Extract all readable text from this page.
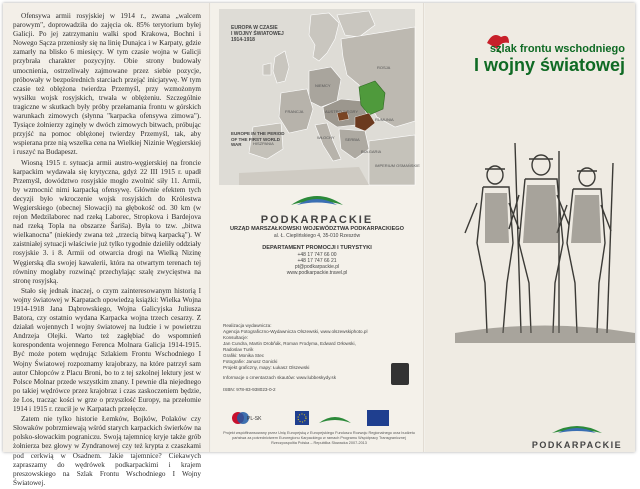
Ofensywa armii rosyjskiej w 1914 r., zwana „walcem parowym", doprowadziła do zajęcia ok. 85% terytorium byłej Galicji. Po jej zatrzymaniu walki spod Krakowa, Bochni i Nowego Sącza przeniosły się na linię Dunajca i w Karpaty, gdzie zamarły na blisko 6 miesięcy. W tym czasie wojna w Galicji przybrała charakter pozycyjny. Obie strony budowały umocnienia, ostrzeliwały zajmowane przez siebie pozycje, próbowały w bezpośrednich starciach przejąć inicjatywę. W tym czasie też oblężona twierdza Przemyśl, przy wzmożonym wysiłku wojsk rosyjskich, trwała w oblężeniu. Szczególnie tragiczne w skutkach były próby przełamania frontu w górskich warunkach zimowych (słynna "karpacka ofensywa zimowa"). Tysiące żołnierzy zginęły w dwóch zimowych bitwach, próbując przyjść na pomoc oblężonej twierdzy Przemyśl, tak, aby wspierana prze nią wszelka cena na Wielkiej Nizinie Węgierskiej i ruszyć na Budapeszt.

Wiosną 1915 r. sytuacja armii austro-węgierskiej na froncie karpackim wydawała się krytyczna, gdyż 22 III 1915 r. upadł Przemyśl, dowództwo rosyjskie mogło zwolnić siły 11. Armii, by wzmocnić nimi karpacką ofensywę. Głównie efektem tych decyzji było wkroczenie wojsk rosyjskich do Królestwa Węgierskiego (obecnej Słowacji) na głębokość od. 30 km (w rejon Medzilaborec nad rzeką Laborec, Stropkova i Bardejova nad rzeką Topla na obszarze Šariša). Była to tzw. „bitwa wielkanocna" (niekiedy zwana też „trzecią bitwą karpacką"). W zaistniałej sytuacji właściwie już tylko tygodnie dzieliły oddziały rosyjskie 3. i 8. Armii od otwarcia drogi na Wielką Nizinę Węgierską dla swojej kawalerii, która na otwartym terenach tej równiny mogłaby rozwinąć przechylając szalę zwycięstwa na stronę rosyjską.

Stało się jednak inaczej, o czym zainteresowanym historią I wojny światowej w Karpatach opowiedzą książki: Wielka Wojna 1914-1918 Jana Dąbrowskiego, Wojna Galicyjska Juliusza Batora, czy ostatnio wydana Karpacka wojna trzech cesarzy. Z działań wojennych I wojny światowej na ludzie i w powietrzu Andrzeja Olejki. Warto też zagłębiać do wspomnień korespondenta wojennego Ferenca Molnara Galicja 1914-1915. Być może potem wędrując Szlakiem Frontu Wschodniego I Wojny Światowej rozpoznamy krajobrazy, na które patrzył sam autor Chłopców z Placu Broni, bo to z tej szkolnej lektury jest w Polsce Molnar przede wszystkim znany. I pewnie dla niejednego po takiej wędrówce przez krajobraz i czas zaskoczeniem będzie, że Los, tracząc kości w grze o przyszłość Europy, na przełomie 1914 i 1915 r. rzucił je w Karpatach przełęcze.

Zatem nie tylko historie Łemków, Bojków, Polaków czy Słowaków pobrzmiewają wśród starych karpackich świerków na polsko-słowackim pograniczu. Swoją tajemnicę kryje także grób żołnierza bez głowy w Zyndranowej czy też krypta z czaszkami pod cerkwią w Osadnem. Jakie tajemnice? Ciekawych zapraszamy do wędrówek podkarpackimi i krajem preszowskiego na Szlak Frontu Wschodniego I Wojny Światowej.

ROSJA
NIEMCY
FRANCJA	AUSTRO-WĘGRY
WŁOCHY
HISZPANIA
RUMUNIA
SERBIA
BUŁGARIA
IMPERIUM OSMAŃSKIE
EUROPA W CZASIE
I WOJNY ŚWIATOWEJ
1914-1918
EUROPE IN THE PERIOD
OF THE FIRST WORLD WAR
PODKARPACKIE
URZĄD MARSZAŁKOWSKI WOJEWÓDZTWA PODKARPACKIEGO
al. Ł. Cieplińskiego 4, 35-010 Rzeszów
DEPARTAMENT PROMOCJI I TURYSTYKI
+48 17 747 66 00
+48 17 747 66 21
pt@podkarpackie.pl
www.podkarpackie.travel.pl
Realizacja wydawnicza:
Agencja Fotograficzno-Wydawnicza Olszewski, www.olszewskiphoto.pl
Konsultacje:
Jan Cundra, Martin Drobňák, Roman Frodyma, Edward Orłowski, Radoslav Turik
Grafiki: Monika Stec
Fotografie: Janusz Gonicki
Projekt graficzny, mapy: Łukasz Olszewski
Informacje o cmentarzach skautów: www.lubbeskydy.sk
ISBN: 978-83-938023-0-2
PL-SK
Projekt współfinansowany przez Unię Europejską z Europejskiego Funduszu Rozwoju Regionalnego oraz budżetu państwa za pośrednictwem Euroregionu Karpackiego w ramach Programu Współpracy Transgranicznej Rzeczpospolita Polska – Republika Słowacka 2007-2013
szlak frontu wschodniego
I wojny światowej
PODKARPACKIE
